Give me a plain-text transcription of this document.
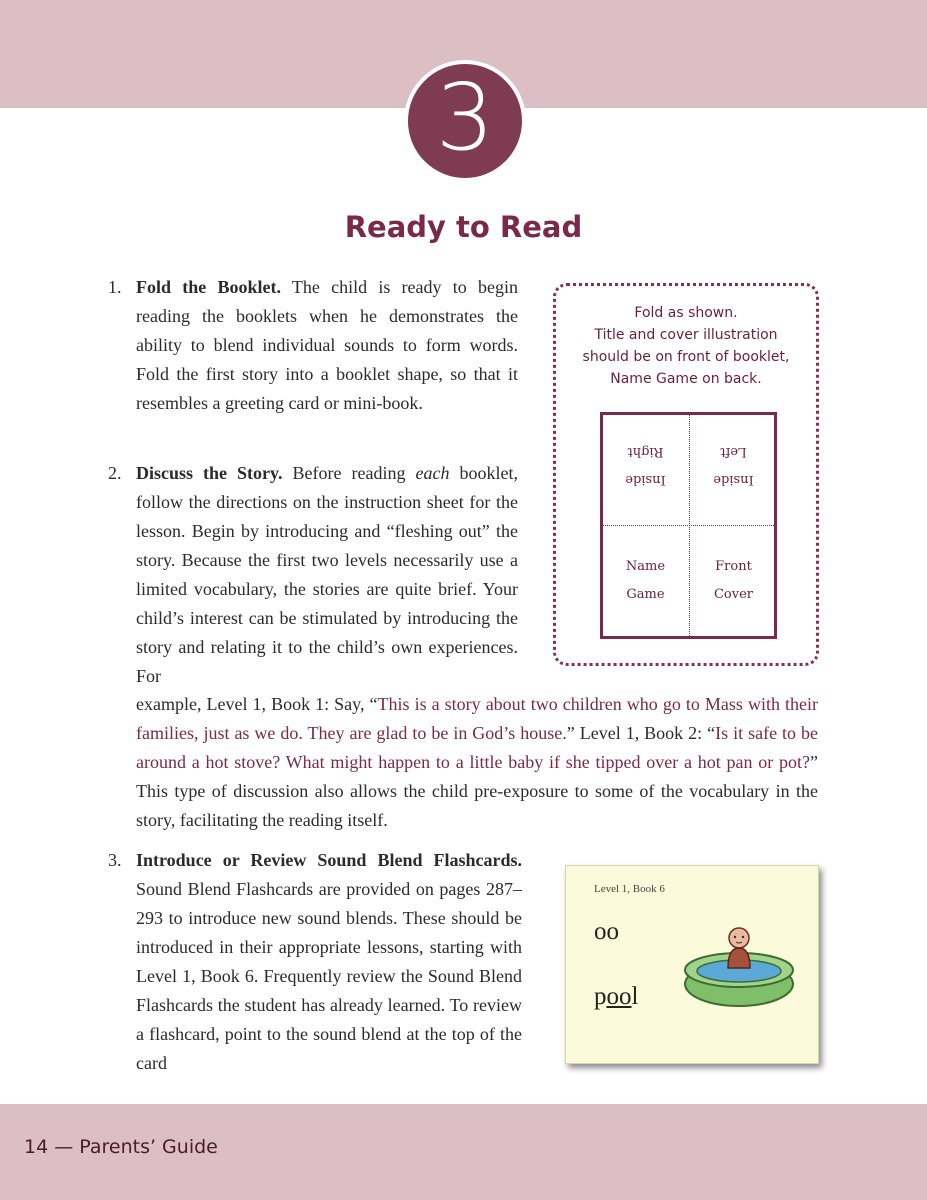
3
Ready to Read
1. Fold the Booklet. The child is ready to begin reading the booklets when he demonstrates the ability to blend individual sounds to form words. Fold the first story into a booklet shape, so that it resembles a greeting card or mini-book.
2. Discuss the Story. Before reading each booklet, follow the directions on the instruction sheet for the lesson. Begin by introducing and “fleshing out” the story. Because the first two levels necessarily use a limited vocabulary, the stories are quite brief. Your child’s interest can be stimulated by introducing the story and relating it to the child’s own experiences. For
example, Level 1, Book 1: Say, “This is a story about two children who go to Mass with their families, just as we do. They are glad to be in God’s house.” Level 1, Book 2: “Is it safe to be around a hot stove? What might happen to a little baby if she tipped over a hot pan or pot?” This type of discussion also allows the child pre-exposure to some of the vocabulary in the story, facilitating the reading itself.
3. Introduce or Review Sound Blend Flashcards. Sound Blend Flashcards are provided on pages 287–293 to introduce new sound blends. These should be introduced in their appropriate lessons, starting with Level 1, Book 6. Frequently review the Sound Blend Flashcards the student has already learned. To review a flashcard, point to the sound blend at the top of the card
Fold as shown.
Title and cover illustration
should be on front of booklet,
Name Game on back.
Inside
Right
Inside
Left
Name
Game
Front
Cover
Level 1, Book 6
oo
pool
14 — Parents’ Guide
